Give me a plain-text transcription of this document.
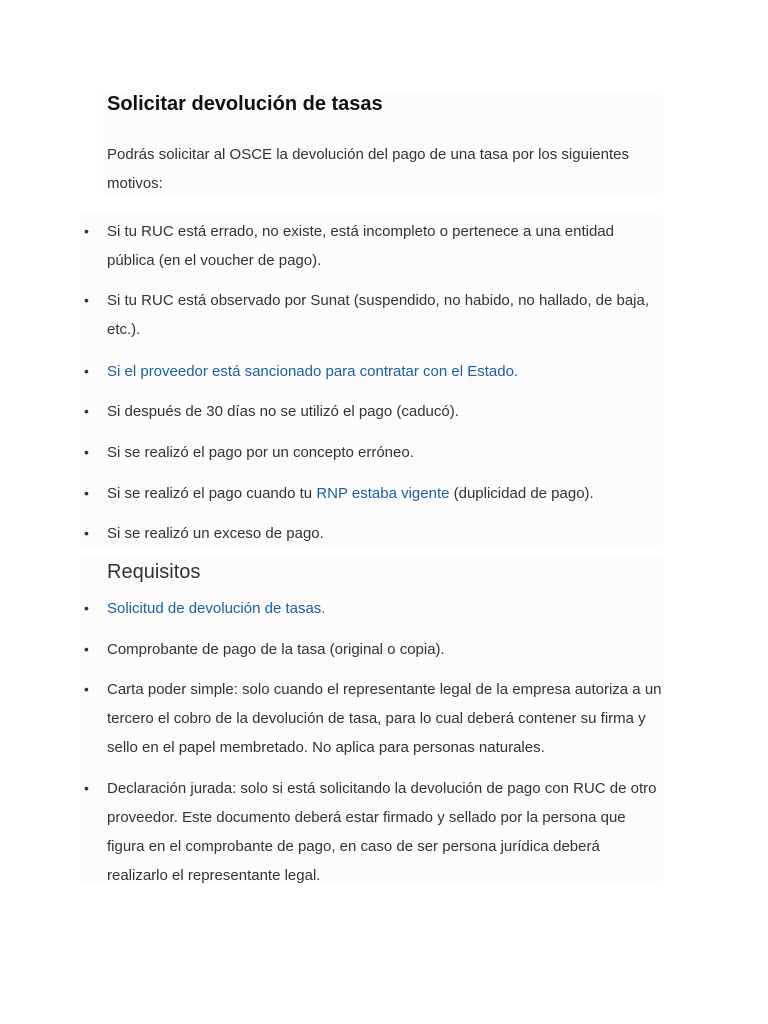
Solicitar devolución de tasas

Podrás solicitar al OSCE la devolución del pago de una tasa por los siguientes motivos:

• Si tu RUC está errado, no existe, está incompleto o pertenece a una entidad pública (en el voucher de pago).
• Si tu RUC está observado por Sunat (suspendido, no habido, no hallado, de baja, etc.).
• Si el proveedor está sancionado para contratar con el Estado.
• Si después de 30 días no se utilizó el pago (caducó).
• Si se realizó el pago por un concepto erróneo.
• Si se realizó el pago cuando tu RNP estaba vigente (duplicidad de pago).
• Si se realizó un exceso de pago.
Requisitos
• Solicitud de devolución de tasas.
• Comprobante de pago de la tasa (original o copia).
• Carta poder simple: solo cuando el representante legal de la empresa autoriza a un tercero el cobro de la devolución de tasa, para lo cual deberá contener su firma y sello en el papel membretado. No aplica para personas naturales.
• Declaración jurada: solo si está solicitando la devolución de pago con RUC de otro proveedor. Este documento deberá estar firmado y sellado por la persona que figura en el comprobante de pago, en caso de ser persona jurídica deberá realizarlo el representante legal.
